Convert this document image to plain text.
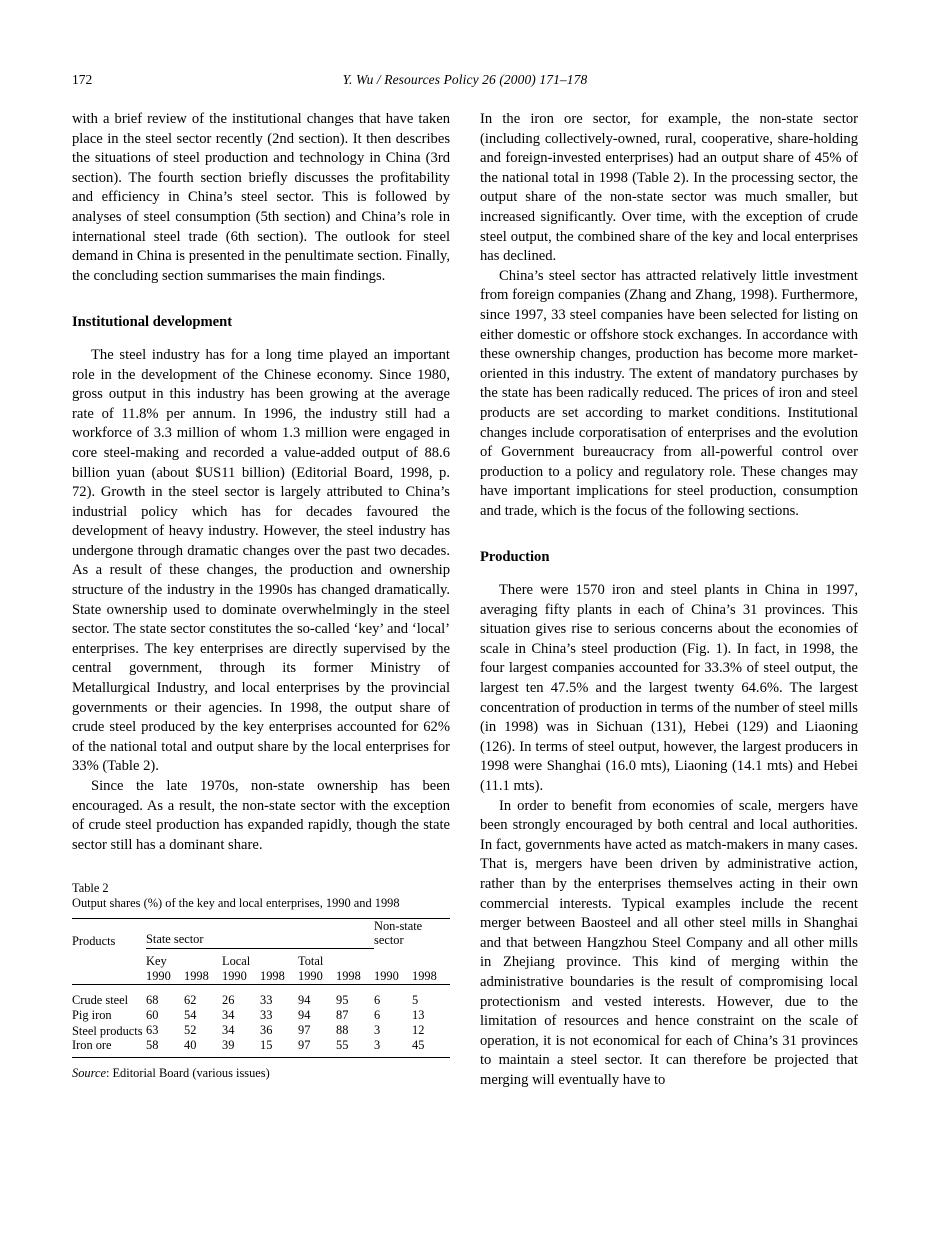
172	Y. Wu / Resources Policy 26 (2000) 171–178

with a brief review of the institutional changes that have taken place in the steel sector recently (2nd section). It then describes the situations of steel production and technology in China (3rd section). The fourth section briefly discusses the profitability and efficiency in China’s steel sector. This is followed by analyses of steel consumption (5th section) and China’s role in international steel trade (6th section). The outlook for steel demand in China is presented in the penultimate section. Finally, the concluding section summarises the main findings.

Institutional development

The steel industry has for a long time played an important role in the development of the Chinese economy. Since 1980, gross output in this industry has been growing at the average rate of 11.8% per annum. In 1996, the industry still had a workforce of 3.3 million of whom 1.3 million were engaged in core steel-making and recorded a value-added output of 88.6 billion yuan (about $US11 billion) (Editorial Board, 1998, p. 72). Growth in the steel sector is largely attributed to China’s industrial policy which has for decades favoured the development of heavy industry. However, the steel industry has undergone through dramatic changes over the past two decades. As a result of these changes, the production and ownership structure of the industry in the 1990s has changed dramatically. State ownership used to dominate overwhelmingly in the steel sector. The state sector constitutes the so-called ‘key’ and ‘local’ enterprises. The key enterprises are directly supervised by the central government, through its former Ministry of Metallurgical Industry, and local enterprises by the provincial governments or their agencies. In 1998, the output share of crude steel produced by the key enterprises accounted for 62% of the national total and output share by the local enterprises for 33% (Table 2).

Since the late 1970s, non-state ownership has been encouraged. As a result, the non-state sector with the exception of crude steel production has expanded rapidly, though the state sector still has a dominant share.

Table 2
Output shares (%) of the key and local enterprises, 1990 and 1998
Products	State sector						Non-state sector	

	Key		Local		Total			
	1990	1998	1990	1998	1990	1998	1990	1998
Crude steel	68	62	26	33	94	95	6	5
Pig iron	60	54	34	33	94	87	6	13
Steel products	63	52	34	36	97	88	3	12
Iron ore	58	40	39	15	97	55	3	45
Source: Editorial Board (various issues)

In the iron ore sector, for example, the non-state sector (including collectively-owned, rural, cooperative, share-holding and foreign-invested enterprises) had an output share of 45% of the national total in 1998 (Table 2). In the processing sector, the output share of the non-state sector was much smaller, but increased significantly. Over time, with the exception of crude steel output, the combined share of the key and local enterprises has declined.

China’s steel sector has attracted relatively little investment from foreign companies (Zhang and Zhang, 1998). Furthermore, since 1997, 33 steel companies have been selected for listing on either domestic or offshore stock exchanges. In accordance with these ownership changes, production has become more market-oriented in this industry. The extent of mandatory purchases by the state has been radically reduced. The prices of iron and steel products are set according to market conditions. Institutional changes include corporatisation of enterprises and the evolution of Government bureaucracy from all-powerful control over production to a policy and regulatory role. These changes may have important implications for steel production, consumption and trade, which is the focus of the following sections.

Production

There were 1570 iron and steel plants in China in 1997, averaging fifty plants in each of China’s 31 provinces. This situation gives rise to serious concerns about the economies of scale in China’s steel production (Fig. 1). In fact, in 1998, the four largest companies accounted for 33.3% of steel output, the largest ten 47.5% and the largest twenty 64.6%. The largest concentration of production in terms of the number of steel mills (in 1998) was in Sichuan (131), Hebei (129) and Liaoning (126). In terms of steel output, however, the largest producers in 1998 were Shanghai (16.0 mts), Liaoning (14.1 mts) and Hebei (11.1 mts).

In order to benefit from economies of scale, mergers have been strongly encouraged by both central and local authorities. In fact, governments have acted as match-makers in many cases. That is, mergers have been driven by administrative action, rather than by the enterprises themselves acting in their own commercial interests. Typical examples include the recent merger between Baosteel and all other steel mills in Shanghai and that between Hangzhou Steel Company and all other mills in Zhejiang province. This kind of merging within the administrative boundaries is the result of compromising local protectionism and vested interests. However, due to the limitation of resources and hence constraint on the scale of operation, it is not economical for each of China’s 31 provinces to maintain a steel sector. It can therefore be projected that merging will eventually have to
